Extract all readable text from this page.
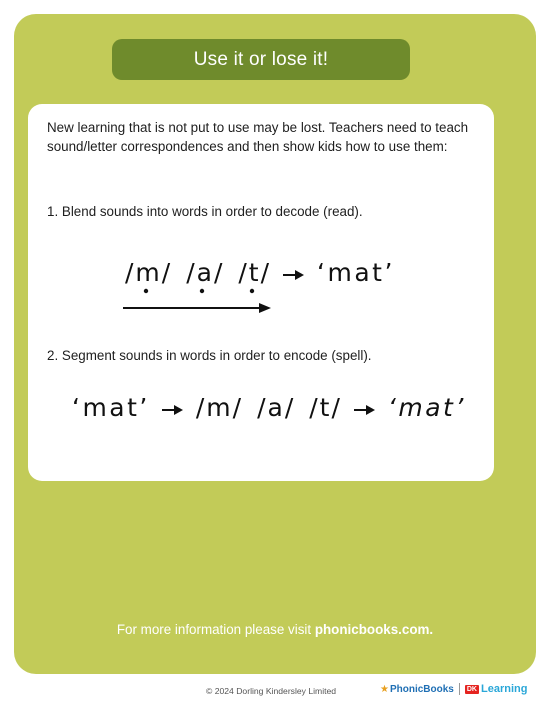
Use it or lose it!

New learning that is not put to use may be lost. Teachers need to teach sound/letter correspondences and then show kids how to use them:

1. Blend sounds into words in order to decode (read).

/m/ /a/ /t/ ‘mat’

2. Segment sounds in words in order to encode (spell).

‘mat’ /m/ /a/ /t/ ‘mat’
For more information please visit phonicbooks.com.
© 2024 Dorling Kindersley Limited	★ PhonicBooks DK Learning
